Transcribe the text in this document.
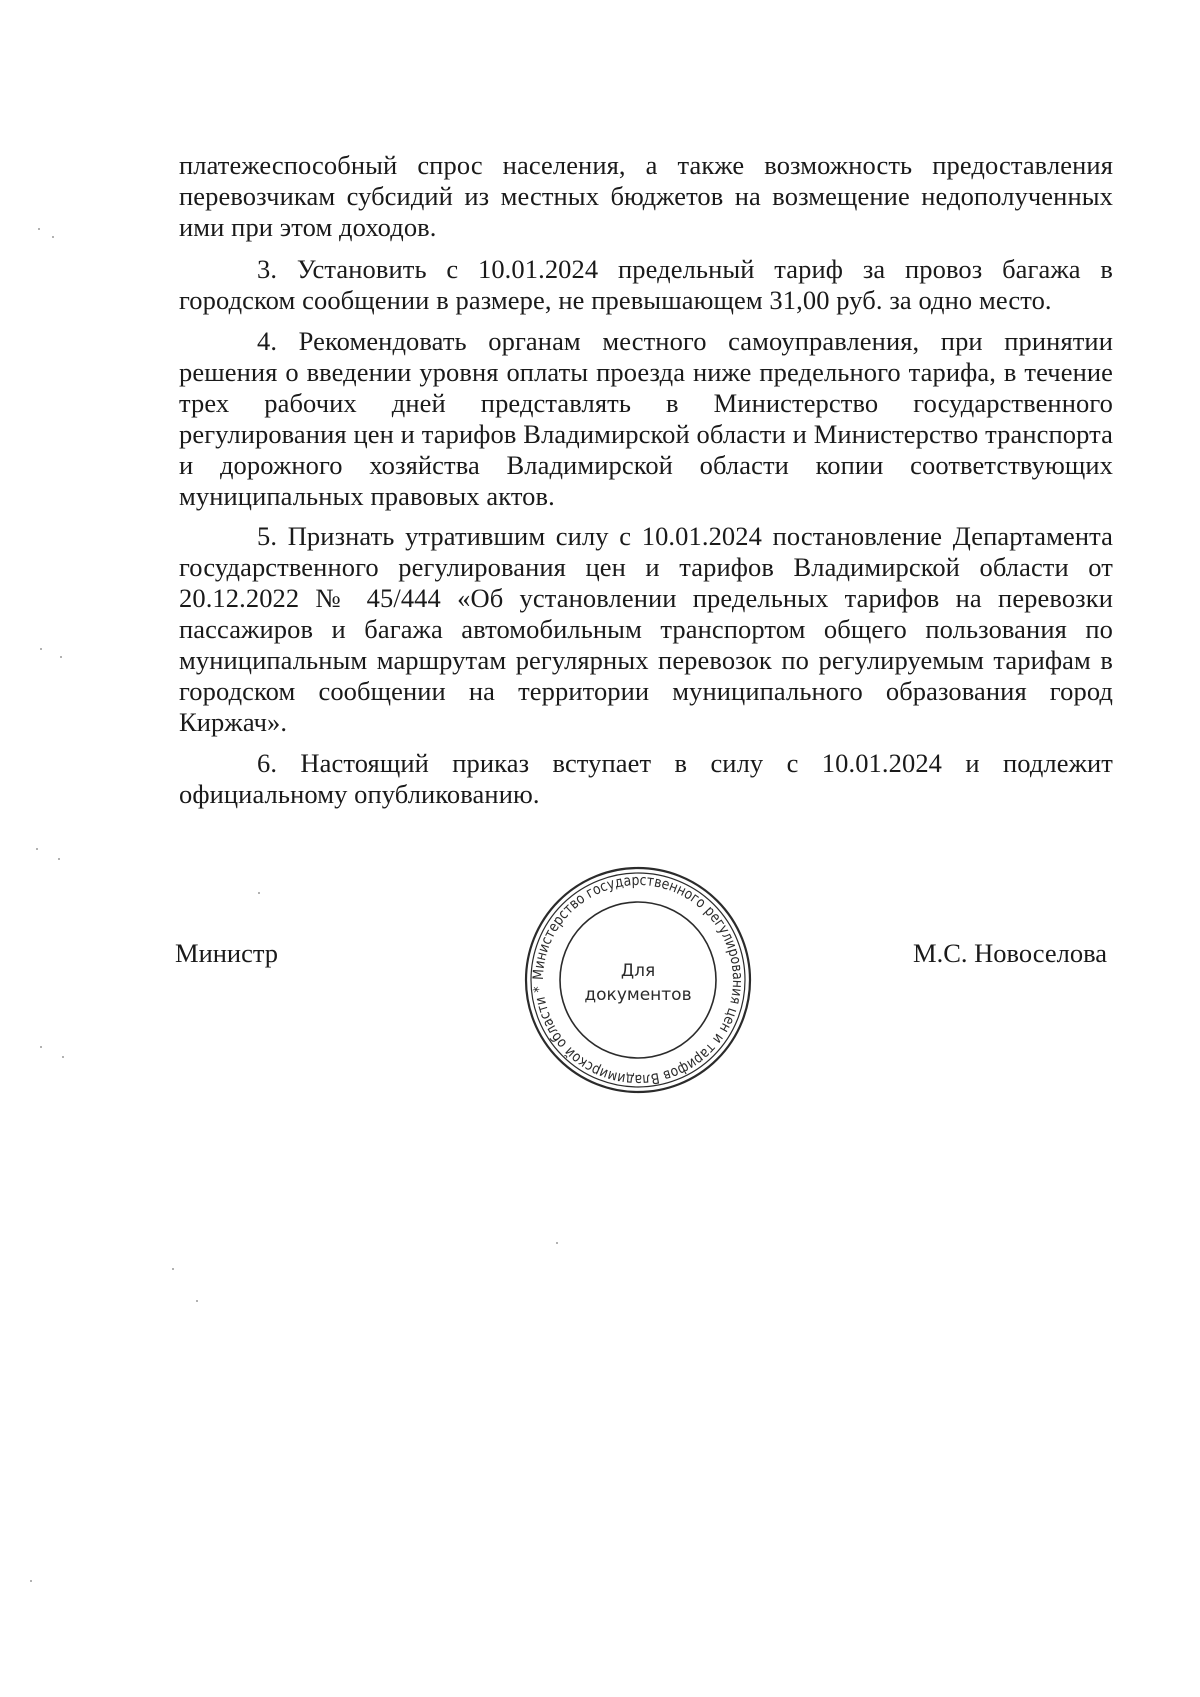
платежеспособный спрос населения, а также возможность предоставления перевозчикам субсидий из местных бюджетов на возмещение недополученных ими при этом доходов.

3. Установить с 10.01.2024 предельный тариф за провоз багажа в городском сообщении в размере, не превышающем 31,00 руб. за одно место.

4. Рекомендовать органам местного самоуправления, при принятии решения о введении уровня оплаты проезда ниже предельного тарифа, в течение трех рабочих дней представлять в Министерство государственного регулирования цен и тарифов Владимирской области и Министерство транспорта и дорожного хозяйства Владимирской области копии соответствующих муниципальных правовых актов.

5. Признать утратившим силу с 10.01.2024 постановление Департамента государственного регулирования цен и тарифов Владимирской области от 20.12.2022 № 45/444 «Об установлении предельных тарифов на перевозки пассажиров и багажа автомобильным транспортом общего пользования по муниципальным маршрутам регулярных перевозок по регулируемым тарифам в городском сообщении на территории муниципального образования город Киржач».

6. Настоящий приказ вступает в силу с 10.01.2024 и подлежит официальному опубликованию.

Министр	М.С. Новоселова
Министерство государственного регулирования цен и тарифов Владимирской области *
Для
документов
